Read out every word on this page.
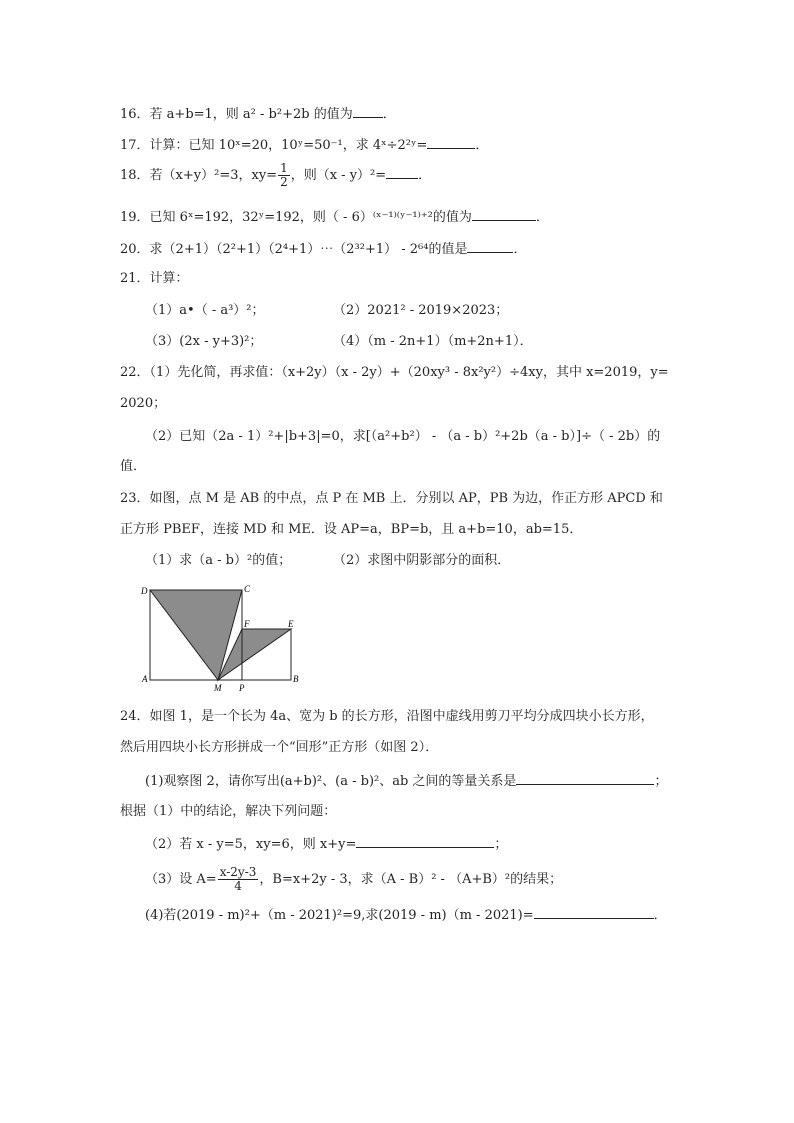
16．若 a+b=1，则 a² - b²+2b 的值为 ．
17．计算：已知 10ˣ=20，10ʸ=50⁻¹，求 4ˣ÷2²ʸ=	．
18．若（x+y）²=3，$xy= \frac{1}{2}$ ，则（x - y）²= ．
19．已知 6ˣ=192，32ʸ=192，则（ - 6）⁽ˣ⁻¹⁾⁽ʸ⁻¹⁾⁺²的值为	．
20．求（2+1）（2²+1）（2⁴+1）⋯（2³²+1） - 2⁶⁴的值是	．
21．计算：
（1）a•（ - a³）²；	（2）2021² - 2019×2023；
（3）(2x - y+3)²；	（4）（m - 2n+1）（m+2n+1）．
22．（1）先化简，再求值：（x+2y）（x - 2y）+（20xy³ - 8x²y²）÷4xy，其中 x=2019，y=
2020；
（2）已知（2a - 1）²+|b+3|=0，求[（a²+b²） - （a - b）²+2b（a - b）]÷（ - 2b）的
值．
23．如图，点 M 是 AB 的中点，点 P 在 MB 上．分别以 AP，PB 为边，作正方形 APCD 和
正方形 PBEF，连接 MD 和 ME．设 AP=a，BP=b，且 a+b=10，ab=15．
（1）求（a - b）²的值；	（2）求图中阴影部分的面积．
D	C
F	E
A
M P
B
24．如图 1，是一个长为 4a、宽为 b 的长方形，沿图中虚线用剪刀平均分成四块小长方形，
然后用四块小长方形拼成一个“回形”正方形（如图 2）．
(1)观察图 2，请你写出(a+b)²、(a - b)²、ab 之间的等量关系是	；
根据（1）中的结论，解决下列问题：
（2）若 x - y=5，xy=6，则 x+y=	；
（3）设 $A= \frac{x-2y-3}{4}$ ，B=x+2y - 3，求（A - B）² - （A+B）²的结果；
(4)若(2019 - m)²+（m - 2021)²=9,求(2019 - m)（m - 2021)=	．
